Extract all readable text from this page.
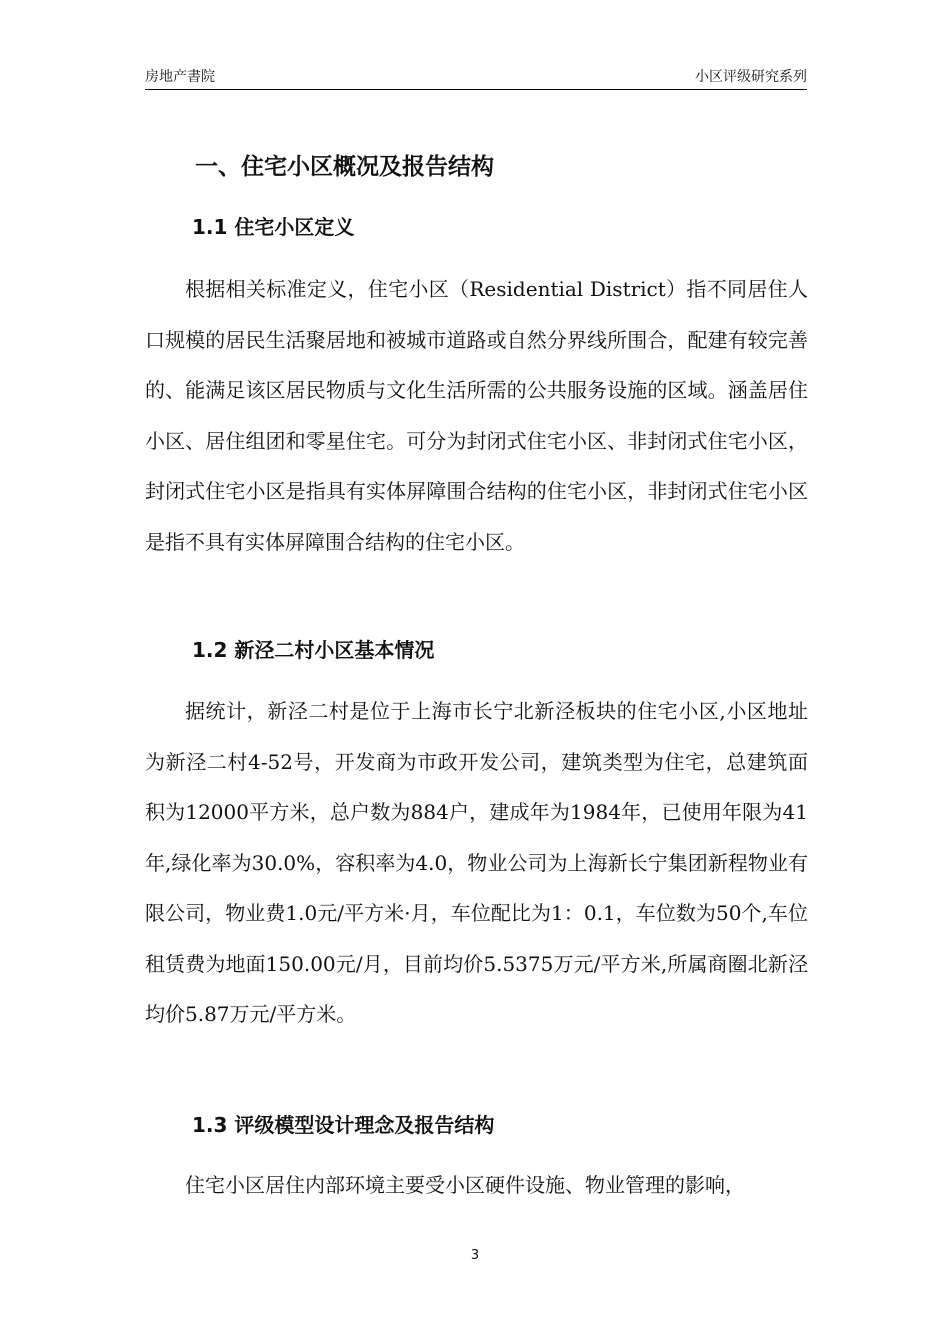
房地产書院	小区评级研究系列
一、住宅小区概况及报告结构
1.1 住宅小区定义

根据相关标准定义，住宅小区（Residential District）指不同居住人口规模的居民生活聚居地和被城市道路或自然分界线所围合，配建有较完善的、能满足该区居民物质与文化生活所需的公共服务设施的区域。涵盖居住小区、居住组团和零星住宅。可分为封闭式住宅小区、非封闭式住宅小区，封闭式住宅小区是指具有实体屏障围合结构的住宅小区，非封闭式住宅小区是指不具有实体屏障围合结构的住宅小区。

1.2 新泾二村小区基本情况

据统计，新泾二村是位于上海市长宁北新泾板块的住宅小区,小区地址为新泾二村4-52号，开发商为市政开发公司，建筑类型为住宅，总建筑面积为12000平方米，总户数为884户，建成年为1984年，已使用年限为41年,绿化率为30.0%，容积率为4.0，物业公司为上海新长宁集团新程物业有限公司，物业费1.0元/平方米·月，车位配比为1：0.1，车位数为50个,车位租赁费为地面150.00元/月，目前均价5.5375万元/平方米,所属商圈北新泾均价5.87万元/平方米。

1.3 评级模型设计理念及报告结构

住宅小区居住内部环境主要受小区硬件设施、物业管理的影响，

3
